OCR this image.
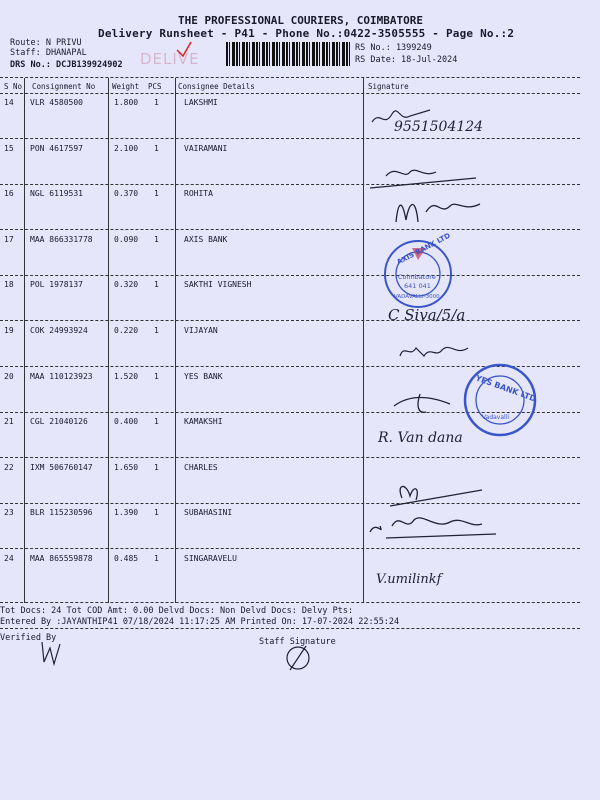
THE PROFESSIONAL COURIERS, COIMBATORE
Delivery Runsheet - P41 - Phone No.:0422-3505555 - Page No.:2
Route: N PRIVU
Staff: DHANAPAL
DRS No.: DCJB139924902 DELIVE
RS No.: 1399249
RS Date: 18-Jul-2024
S No Consignment No Weight PCS Consignee Details	Signature
14 VLR 4580500	1.800 1	LAKSHMI
15 PON 4617597	2.100 1	VAIRAMANI
16 NGL 6119531	0.370 1	ROHITA
17 MAA 866331778	0.090 1	AXIS BANK
18 POL 1978137	0.320 1	SAKTHI VIGNESH
19 COK 24993924	0.220 1	VIJAYAN
20 MAA 110123923	1.520 1	YES BANK
21 CGL 21040126	0.400 1	KAMAKSHI
22 IXM 506760147	1.650 1	CHARLES
23 BLR 115230596	1.390 1	SUBAHASINI
24 MAA 865559878	0.485 1	SINGARAVELU
9551504124
AXIS BANK LTD
Coimbatore
641 041
VADAVALLI-3000
C Siva/5/a
YES BANK LTD
Vadavalli
R. Van dana
V.umilinkf
Tot Docs: 24 Tot COD Amt: 0.00 Delvd Docs: Non Delvd Docs: Delvy Pts:
Entered By :JAYANTHIP41 07/18/2024 11:17:25 AM Printed On: 17-07-2024 22:55:24
Verified By	Staff Signature
